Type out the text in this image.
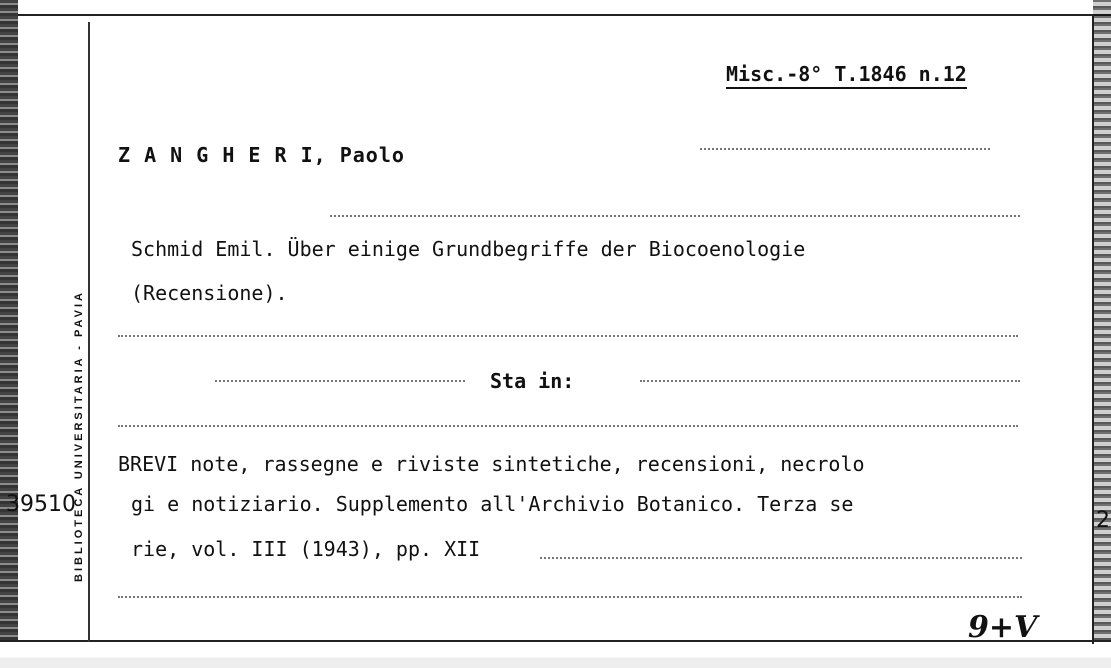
39510
BIBLIOTECA UNIVERSITARIA - PAVIA
Misc.-8° T.1846 n.12
Z A N G H E R I, Paolo
Schmid Emil. Über einige Grundbegriffe der Biocoenologie
(Recensione).
Sta in:
BREVI note, rassegne e riviste sintetiche, recensioni, necrolo
gi e notiziario. Supplemento all'Archivio Botanico. Terza se
rie, vol. III (1943), pp. XII
9+V
2
